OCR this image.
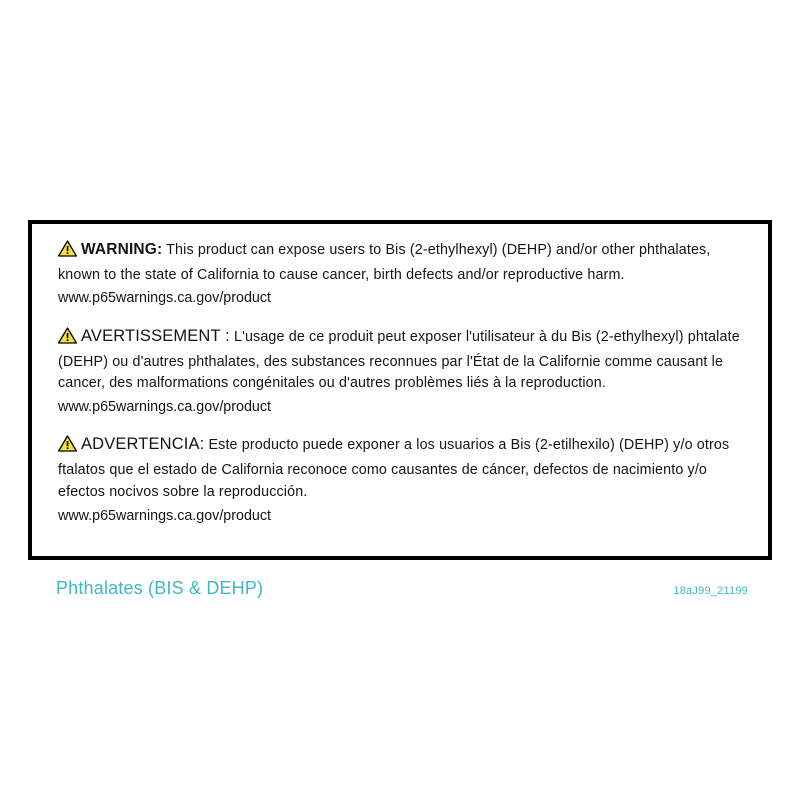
WARNING: This product can expose users to Bis (2-ethylhexyl) (DEHP) and/or other phthalates, known to the state of California to cause cancer, birth defects and/or reproductive harm.
www.p65warnings.ca.gov/product
AVERTISSEMENT : L'usage de ce produit peut exposer l'utilisateur à du Bis (2-ethylhexyl) phtalate (DEHP) ou d'autres phthalates, des substances reconnues par l'État de la Californie comme causant le cancer, des malformations congénitales ou d'autres problèmes liés à la reproduction.
www.p65warnings.ca.gov/product
ADVERTENCIA: Este producto puede exponer a los usuarios a Bis (2-etilhexilo) (DEHP) y/o otros ftalatos que el estado de California reconoce como causantes de cáncer, defectos de nacimiento y/o efectos nocivos sobre la reproducción.
www.p65warnings.ca.gov/product
Phthalates (BIS & DEHP)	18aJ99_21199
